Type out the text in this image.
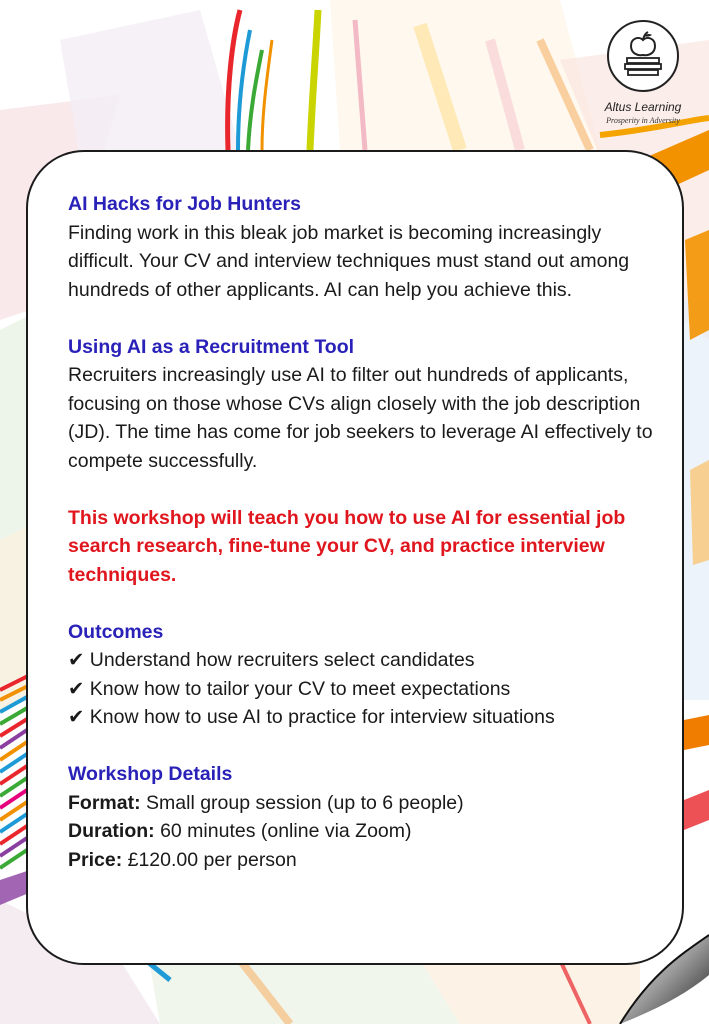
Altus Learning
Prosperity in Adversity

AI Hacks for Job Hunters

Finding work in this bleak job market is becoming increasingly difficult. Your CV and interview techniques must stand out among hundreds of other applicants. AI can help you achieve this.

Using AI as a Recruitment Tool

Recruiters increasingly use AI to filter out hundreds of applicants, focusing on those whose CVs align closely with the job description (JD). The time has come for job seekers to leverage AI effectively to compete successfully.

This workshop will teach you how to use AI for essential job search research, fine-tune your CV, and practice interview techniques.

Outcomes

✔ Understand how recruiters select candidates

✔ Know how to tailor your CV to meet expectations

✔ Know how to use AI to practice for interview situations

Workshop Details

Format: Small group session (up to 6 people)

Duration: 60 minutes (online via Zoom)

Price: £120.00 per person
